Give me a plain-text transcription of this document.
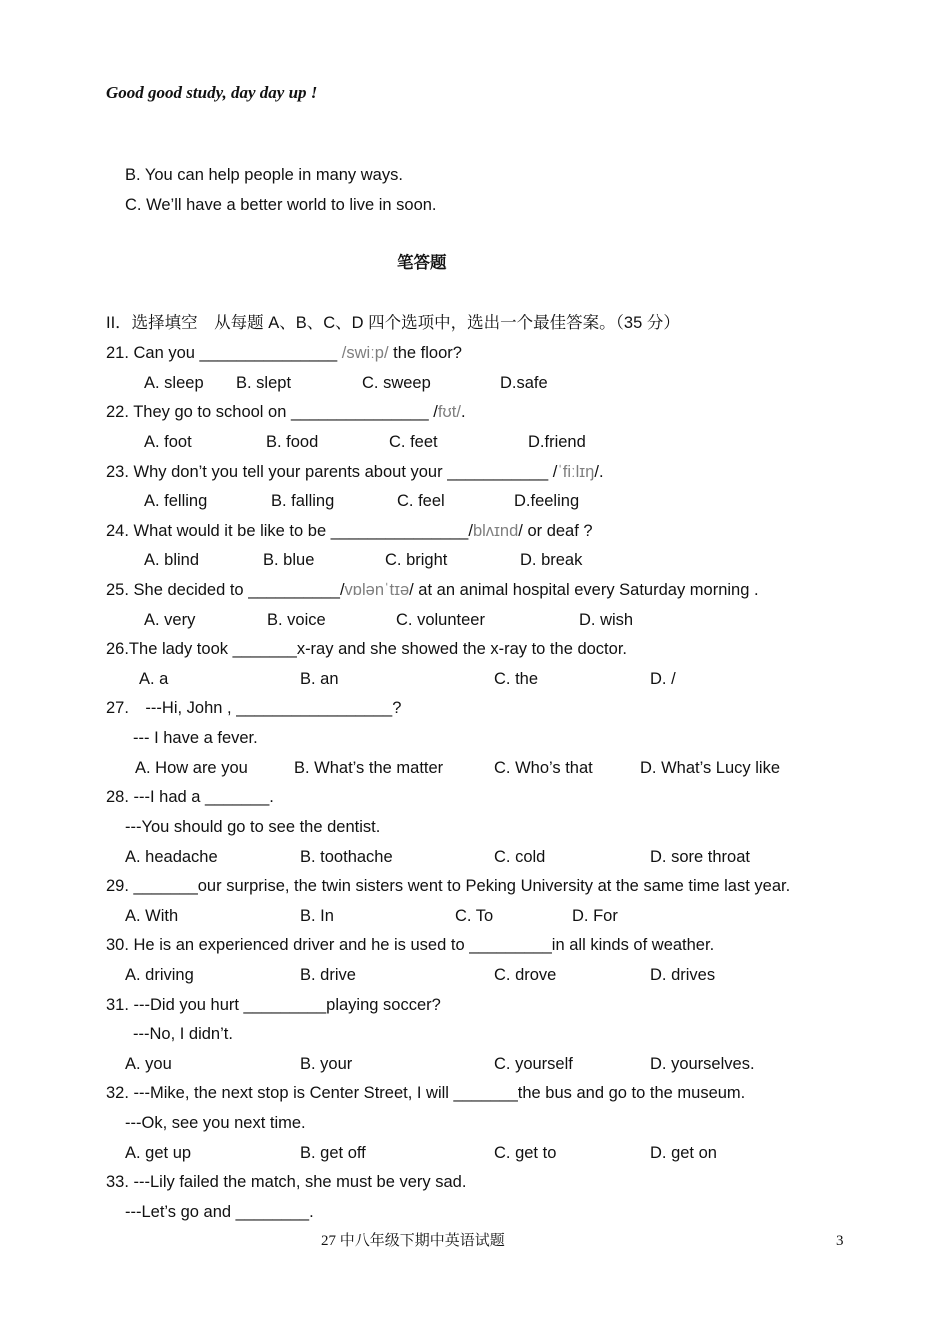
Good good study, day day up !
B. You can help people in many ways.
C. We’ll have a better world to live in soon.
笔答题
II．选择填空　从每题 A、B、C、D 四个选项中，选出一个最佳答案。（35 分）
21. Can you _______________ /swiːp/ the floor?
A. sleep B. slept	C. sweep	D.safe
22. They go to school on _______________ /fʊt/.
A. foot	B. food	C. feet	D.friend
23. Why don’t you tell your parents about your ___________ /ˈfiːlɪŋ/.
A. felling	B. falling	C. feel	D.feeling
24. What would it be like to be _______________/blʌɪnd/ or deaf ?
A. blind	B. blue	C. bright	D. break
25. She decided to __________/vɒlənˈtɪə/ at an animal hospital every Saturday morning .
A. very	B. voice	C. volunteer	D. wish
26.The lady took _______x-ray and she showed the x-ray to the doctor.
A. a	B. an	C. the	D. /
27.　---Hi, John , _________________?
--- I have a fever.
A. How are you	B. What’s the matter	C. Who’s that	D. What’s Lucy like
28. ---I had a _______.
---You should go to see the dentist.
A. headache	B. toothache	C. cold	D. sore throat
29. _______our surprise, the twin sisters went to Peking University at the same time last year.
A. With	B. In	C. To	D. For
30. He is an experienced driver and he is used to _________in all kinds of weather.
A. driving	B. drive	C. drove	D. drives
31. ---Did you hurt _________playing soccer?
---No, I didn’t.
A. you	B. your	C. yourself	D. yourselves.
32. ---Mike, the next stop is Center Street, I will _______the bus and go to the museum.
---Ok, see you next time.
A. get up	B. get off	C. get to	D. get on
33. ---Lily failed the match, she must be very sad.
---Let’s go and ________.
27 中八年级下期中英语试题	3
